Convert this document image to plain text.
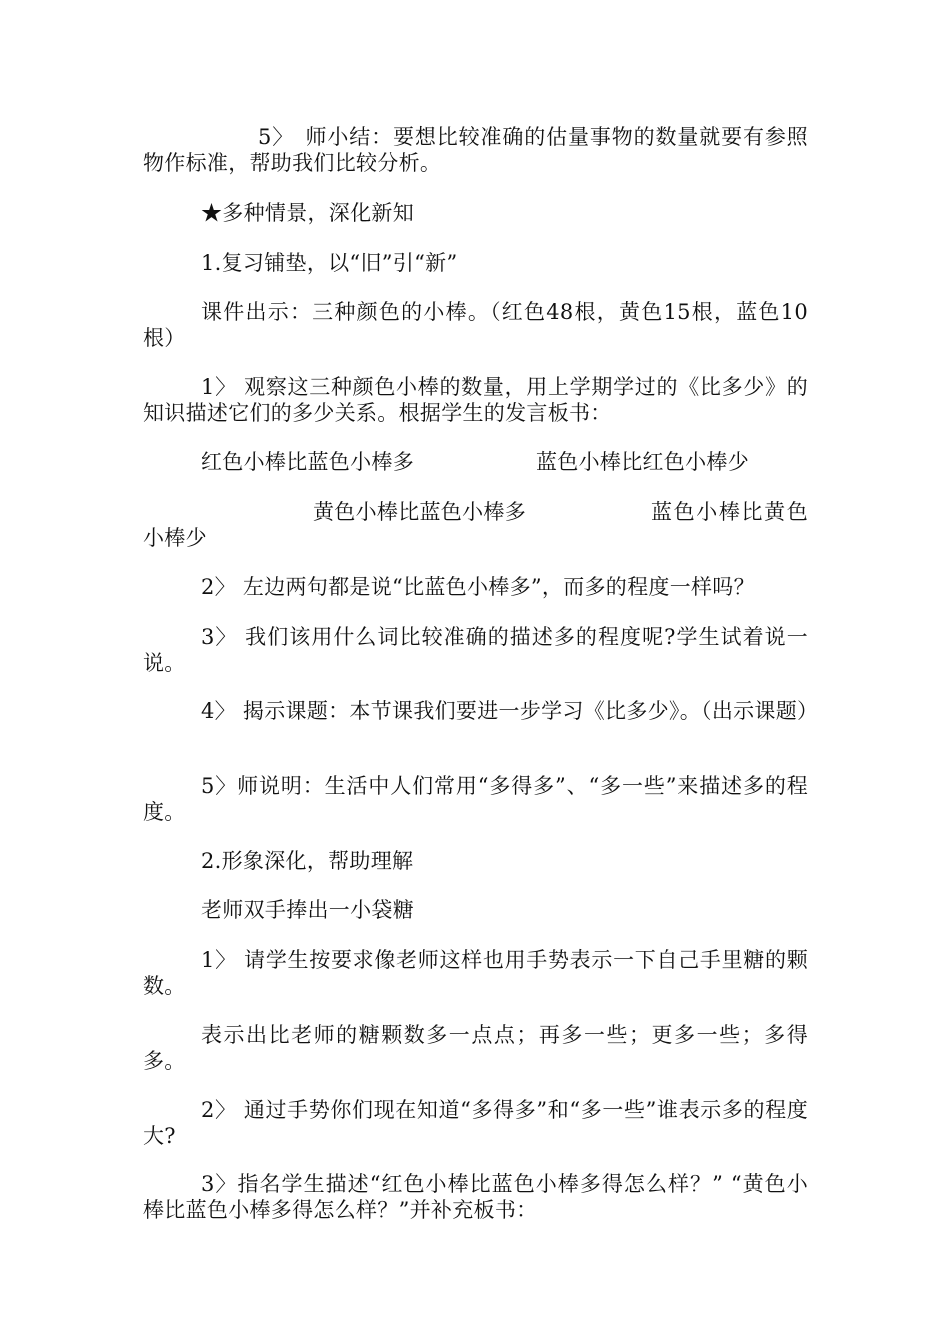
5〉　师小结：要想比较准确的估量事物的数量就要有参照物作标准，帮助我们比较分析。

★多种情景，深化新知

1.复习铺垫，以“旧”引“新”

课件出示：三种颜色的小棒。（红色48根，黄色15根，蓝色10根）

1〉 观察这三种颜色小棒的数量，用上学期学过的《比多少》的知识描述它们的多少关系。根据学生的发言板书：

红色小棒比蓝色小棒多	蓝色小棒比红色小棒少

黄色小棒比蓝色小棒多	蓝色小棒比黄色小棒少

2〉 左边两句都是说“比蓝色小棒多”，而多的程度一样吗？

3〉 我们该用什么词比较准确的描述多的程度呢?学生试着说一说。

4〉 揭示课题：本节课我们要进一步学习《比多少》。（出示课题）

5〉师说明：生活中人们常用“多得多”、“多一些”来描述多的程度。

2.形象深化，帮助理解

老师双手捧出一小袋糖

1〉 请学生按要求像老师这样也用手势表示一下自己手里糖的颗数。

表示出比老师的糖颗数多一点点；再多一些；更多一些；多得多。

2〉 通过手势你们现在知道“多得多”和“多一些”谁表示多的程度大?

3〉指名学生描述“红色小棒比蓝色小棒多得怎么样？” “黄色小棒比蓝色小棒多得怎么样？”并补充板书：
